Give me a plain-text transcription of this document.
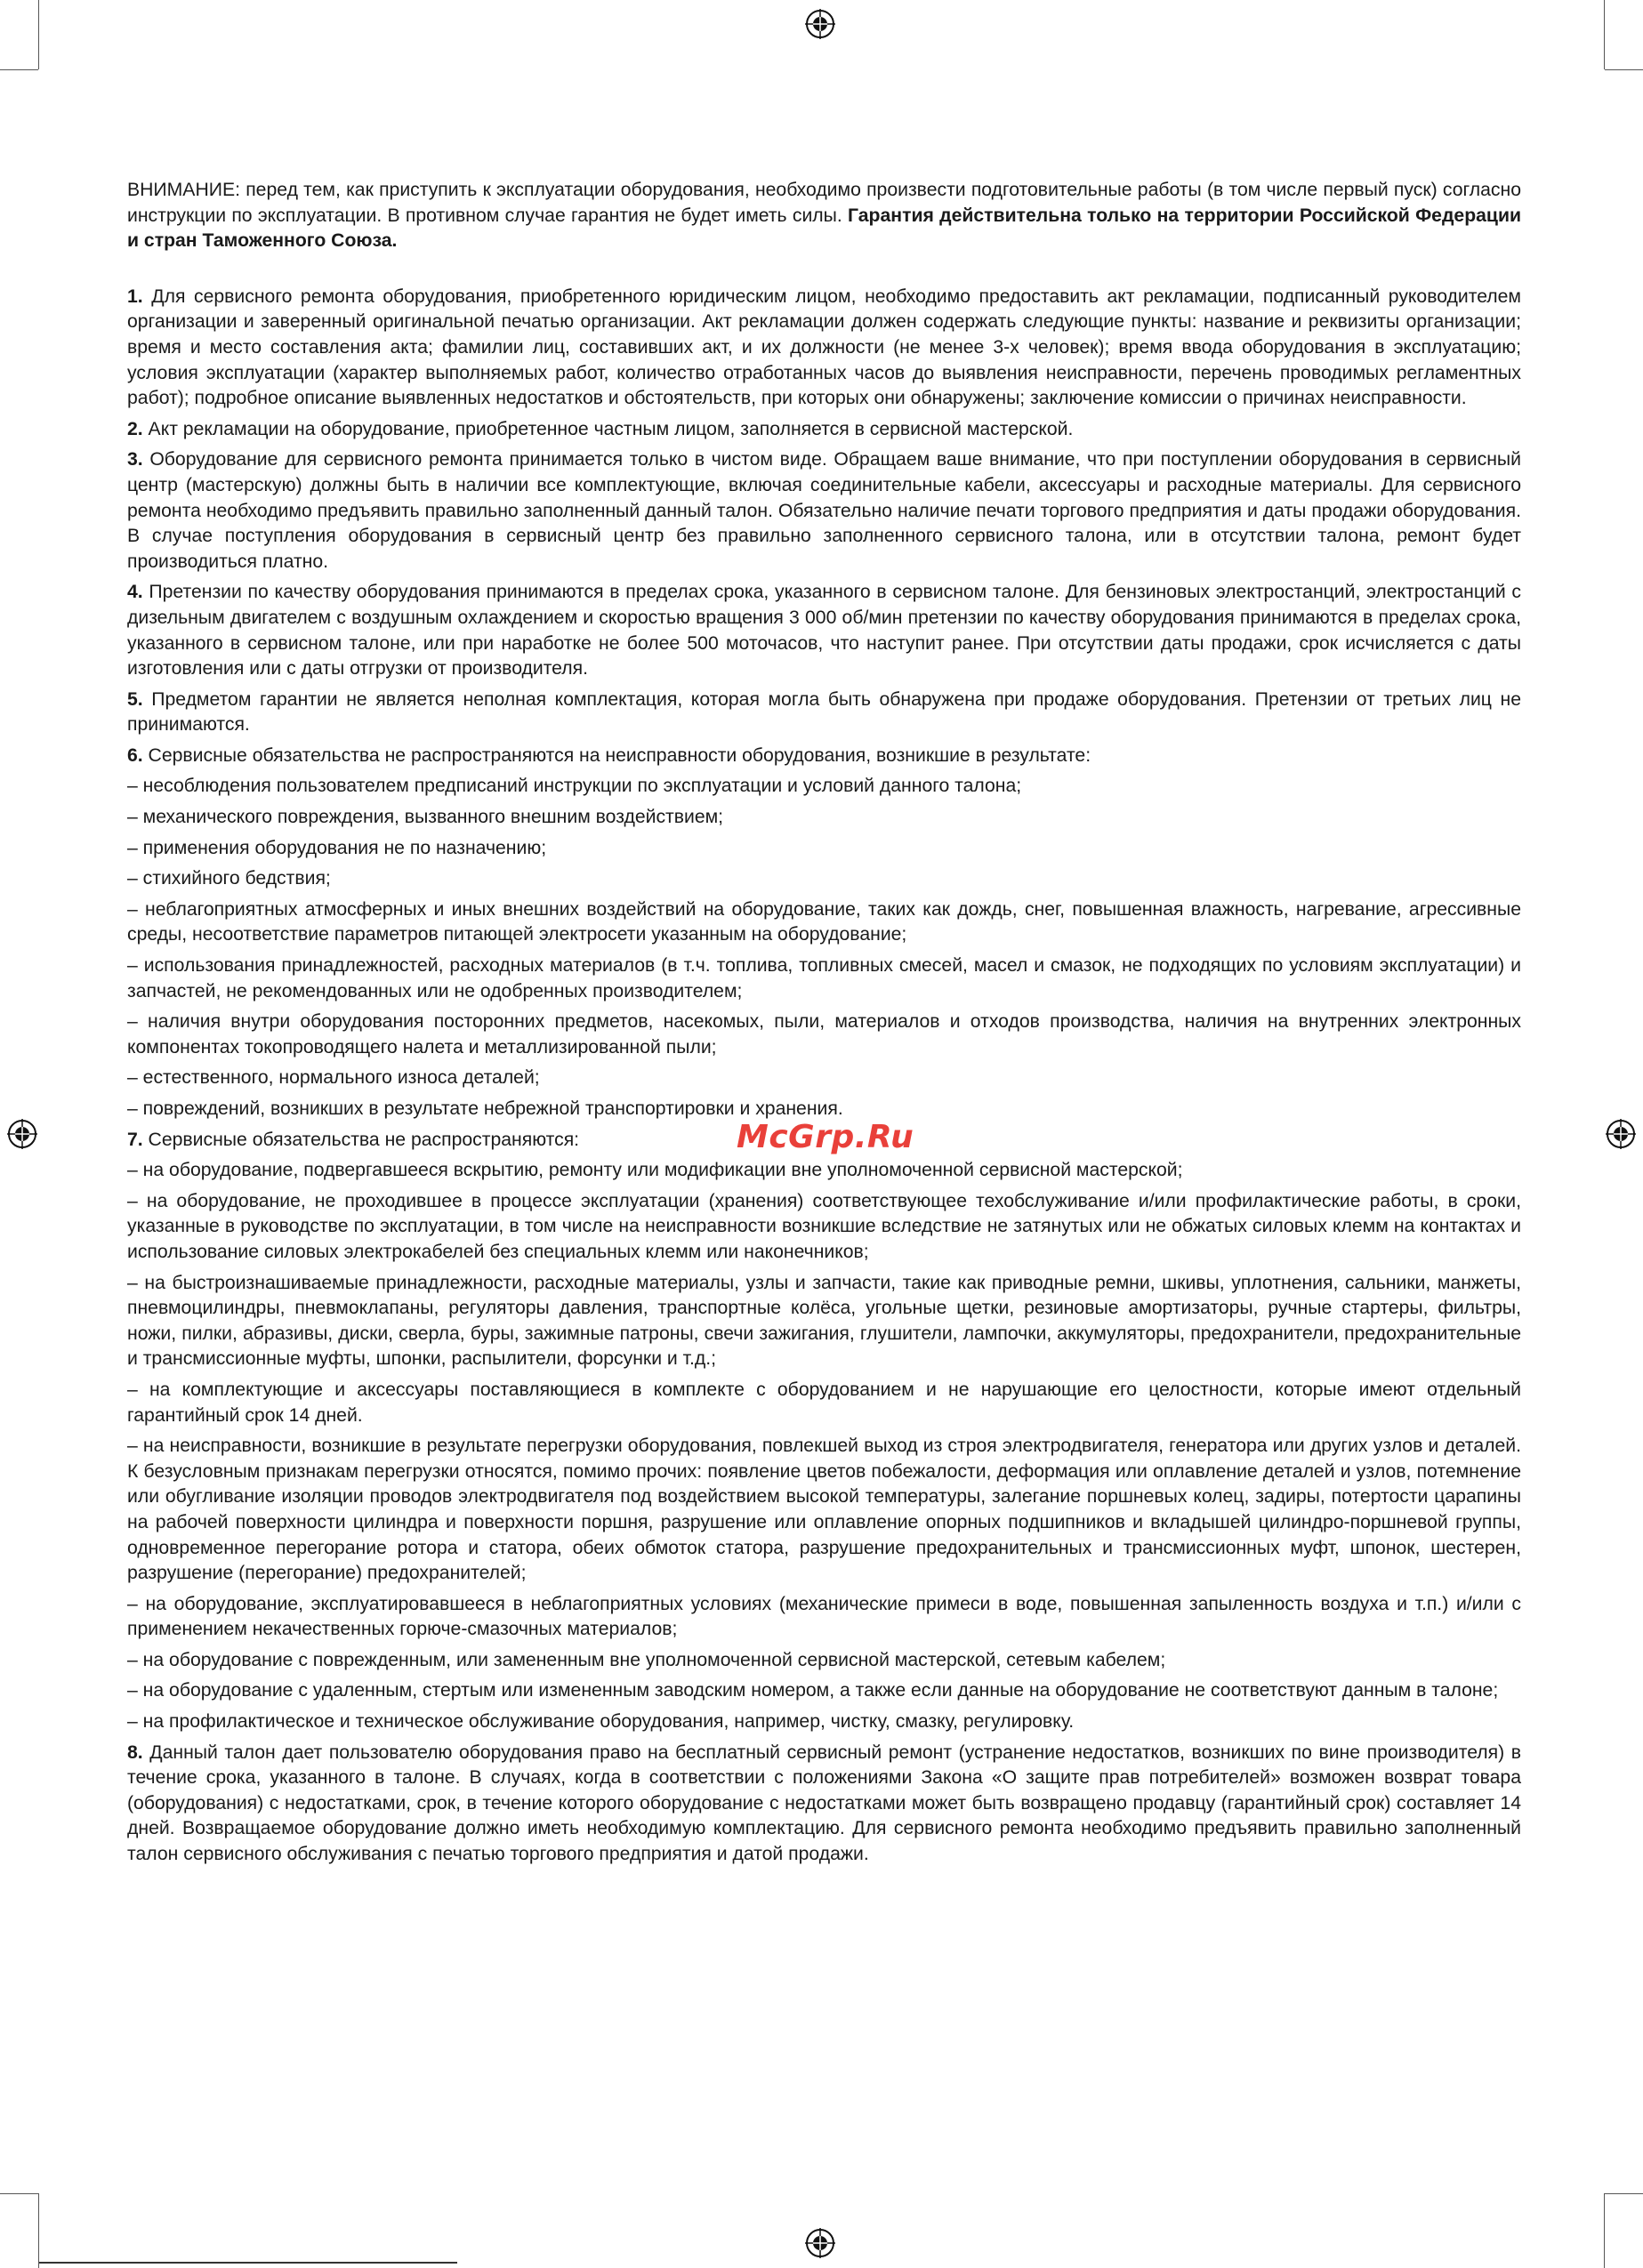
ВНИМАНИЕ: перед тем, как приступить к эксплуатации оборудования, необходимо произвести подготовительные работы (в том числе первый пуск) согласно инструкции по эксплуатации. В противном случае гарантия не будет иметь силы. Гарантия действительна только на территории Российской Федерации и стран Таможенного Союза.

1. Для сервисного ремонта оборудования, приобретенного юридическим лицом, необходимо предоставить акт рекламации, подписанный руководителем организации и заверенный оригинальной печатью организации. Акт рекламации должен содержать следующие пункты: название и реквизиты организации; время и место составления акта; фамилии лиц, составивших акт, и их должности (не менее 3-х человек); время ввода оборудования в эксплуатацию; условия эксплуатации (характер выполняемых работ, количество отработанных часов до выявления неисправности, перечень проводимых регламентных работ); подробное описание выявленных недостатков и обстоятельств, при которых они обнаружены; заключение комиссии о причинах неисправности.

2. Акт рекламации на оборудование, приобретенное частным лицом, заполняется в сервисной мастерской.

3. Оборудование для сервисного ремонта принимается только в чистом виде. Обращаем ваше внимание, что при поступлении оборудования в сервисный центр (мастерскую) должны быть в наличии все комплектующие, включая соединительные кабели, аксессуары и расходные материалы. Для сервисного ремонта необходимо предъявить правильно заполненный данный талон. Обязательно наличие печати торгового предприятия и даты продажи оборудования. В случае поступления оборудования в сервисный центр без правильно заполненного сервисного талона, или в отсутствии талона, ремонт будет производиться платно.

4. Претензии по качеству оборудования принимаются в пределах срока, указанного в сервисном талоне. Для бензиновых электростанций, электростанций с дизельным двигателем с воздушным охлаждением и скоростью вращения 3 000 об/мин претензии по качеству оборудования принимаются в пределах срока, указанного в сервисном талоне, или при наработке не более 500 моточасов, что наступит ранее. При отсутствии даты продажи, срок исчисляется с даты изготовления или с даты отгрузки от производителя.

5. Предметом гарантии не является неполная комплектация, которая могла быть обнаружена при продаже оборудования. Претензии от третьих лиц не принимаются.

6. Сервисные обязательства не распространяются на неисправности оборудования, возникшие в результате:

– несоблюдения пользователем предписаний инструкции по эксплуатации и условий данного талона;

– механического повреждения, вызванного внешним воздействием;

– применения оборудования не по назначению;

– стихийного бедствия;

– неблагоприятных атмосферных и иных внешних воздействий на оборудование, таких как дождь, снег, повышенная влажность, нагревание, агрессивные среды, несоответствие параметров питающей электросети указанным на оборудование;

– использования принадлежностей, расходных материалов (в т.ч. топлива, топливных смесей, масел и смазок, не подходящих по условиям эксплуатации) и запчастей, не рекомендованных или не одобренных производителем;

– наличия внутри оборудования посторонних предметов, насекомых, пыли, материалов и отходов производства, наличия на внутренних электронных компонентах токопроводящего налета и металлизированной пыли;

– естественного, нормального износа деталей;

– повреждений, возникших в результате небрежной транспортировки и хранения.

7. Сервисные обязательства не распространяются:

– на оборудование, подвергавшееся вскрытию, ремонту или модификации вне уполномоченной сервисной мастерской;

– на оборудование, не проходившее в процессе эксплуатации (хранения) соответствующее техобслуживание и/или профилактические работы, в сроки, указанные в руководстве по эксплуатации, в том числе на неисправности возникшие вследствие не затянутых или не обжатых силовых клемм на контактах и использование силовых электрокабелей без специальных клемм или наконечников;

– на быстроизнашиваемые принадлежности, расходные материалы, узлы и запчасти, такие как приводные ремни, шкивы, уплотнения, сальники, манжеты, пневмоцилиндры, пневмоклапаны, регуляторы давления, транспортные колёса, угольные щетки, резиновые амортизаторы, ручные стартеры, фильтры, ножи, пилки, абразивы, диски, сверла, буры, зажимные патроны, свечи зажигания, глушители, лампочки, аккумуляторы, предохранители, предохранительные и трансмиссионные муфты, шпонки, распылители, форсунки и т.д.;

– на комплектующие и аксессуары поставляющиеся в комплекте с оборудованием и не нарушающие его целостности, которые имеют отдельный гарантийный срок 14 дней.

– на неисправности, возникшие в результате перегрузки оборудования, повлекшей выход из строя электродвигателя, генератора или других узлов и деталей. К безусловным признакам перегрузки относятся, помимо прочих: появление цветов побежалости, деформация или оплавление деталей и узлов, потемнение или обугливание изоляции проводов электродвигателя под воздействием высокой температуры, залегание поршневых колец, задиры, потертости царапины на рабочей поверхности цилиндра и поверхности поршня, разрушение или оплавление опорных подшипников и вкладышей цилиндро-поршневой группы, одновременное перегорание ротора и статора, обеих обмоток статора, разрушение предохранительных и трансмиссионных муфт, шпонок, шестерен, разрушение (перегорание) предохранителей;

– на оборудование, эксплуатировавшееся в неблагоприятных условиях (механические примеси в воде, повышенная запыленность воздуха и т.п.) и/или с применением некачественных горюче-смазочных материалов;

– на оборудование с поврежденным, или замененным вне уполномоченной сервисной мастерской, сетевым кабелем;

– на оборудование с удаленным, стертым или измененным заводским номером, а также если данные на оборудование не соответствуют данным в талоне;

– на профилактическое и техническое обслуживание оборудования, например, чистку, смазку, регулировку.

8. Данный талон дает пользователю оборудования право на бесплатный сервисный ремонт (устранение недостатков, возникших по вине производителя) в течение срока, указанного в талоне. В случаях, когда в соответствии с положениями Закона «О защите прав потребителей» возможен возврат товара (оборудования) с недостатками, срок, в течение которого оборудование с недостатками может быть возвращено продавцу (гарантийный срок) составляет 14 дней. Возвращаемое оборудование должно иметь необходимую комплектацию. Для сервисного ремонта необходимо предъявить правильно заполненный талон сервисного обслуживания с печатью торгового предприятия и датой продажи.

McGrp.Ru
